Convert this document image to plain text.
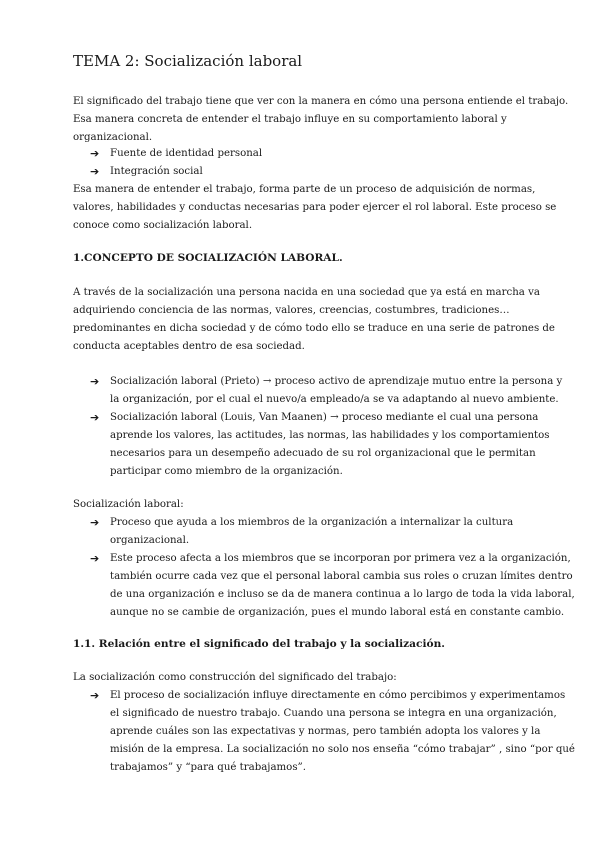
TEMA 2: Socialización laboral
El significado del trabajo tiene que ver con la manera en cómo una persona entiende el trabajo.
Esa manera concreta de entender el trabajo influye en su comportamiento laboral y
organizacional.
➔ Fuente de identidad personal
➔ Integración social
Esa manera de entender el trabajo, forma parte de un proceso de adquisición de normas,
valores, habilidades y conductas necesarias para poder ejercer el rol laboral. Este proceso se
conoce como socialización laboral.
1.CONCEPTO DE SOCIALIZACIÓN LABORAL.
A través de la socialización una persona nacida en una sociedad que ya está en marcha va
adquiriendo conciencia de las normas, valores, creencias, costumbres, tradiciones…
predominantes en dicha sociedad y de cómo todo ello se traduce en una serie de patrones de
conducta aceptables dentro de esa sociedad.
➔ Socialización laboral (Prieto) → proceso activo de aprendizaje mutuo entre la persona y
la organización, por el cual el nuevo/a empleado/a se va adaptando al nuevo ambiente.
➔ Socialización laboral (Louis, Van Maanen) → proceso mediante el cual una persona
aprende los valores, las actitudes, las normas, las habilidades y los comportamientos
necesarios para un desempeño adecuado de su rol organizacional que le permitan
participar como miembro de la organización.
Socialización laboral:
➔ Proceso que ayuda a los miembros de la organización a internalizar la cultura
organizacional.
➔ Este proceso afecta a los miembros que se incorporan por primera vez a la organización,
también ocurre cada vez que el personal laboral cambia sus roles o cruzan límites dentro
de una organización e incluso se da de manera continua a lo largo de toda la vida laboral,
aunque no se cambie de organización, pues el mundo laboral está en constante cambio.
1.1. Relación entre el significado del trabajo y la socialización.
La socialización como construcción del significado del trabajo:
➔ El proceso de socialización influye directamente en cómo percibimos y experimentamos
el significado de nuestro trabajo. Cuando una persona se integra en una organización,
aprende cuáles son las expectativas y normas, pero también adopta los valores y la
misión de la empresa. La socialización no solo nos enseña “cómo trabajar” , sino “por qué
trabajamos” y “para qué trabajamos”.
